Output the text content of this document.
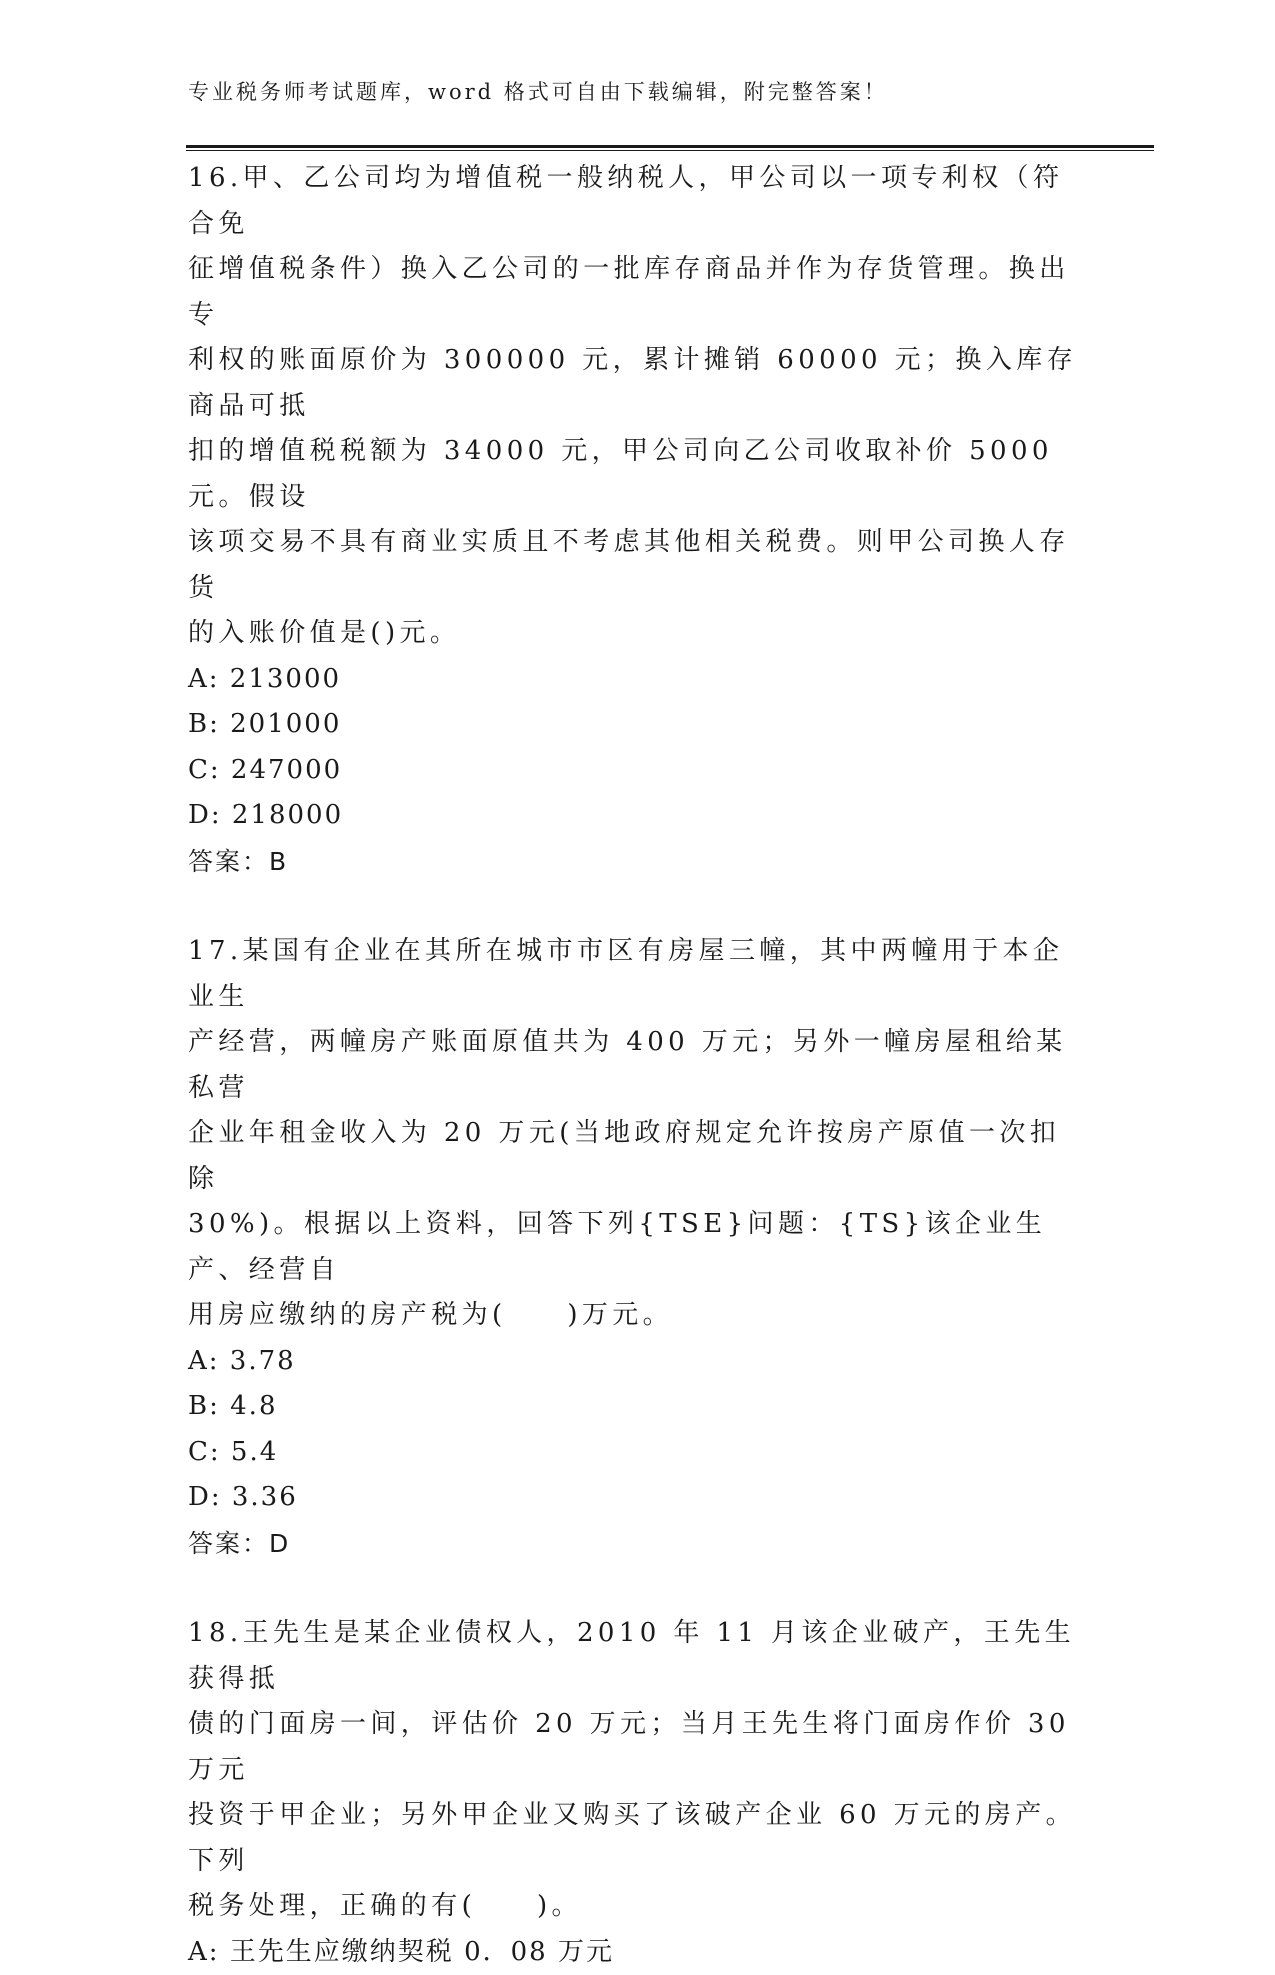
专业税务师考试题库，word 格式可自由下载编辑，附完整答案！

16.甲、乙公司均为增值税一般纳税人，甲公司以一项专利权（符合免
征增值税条件）换入乙公司的一批库存商品并作为存货管理。换出专
利权的账面原价为 300000 元，累计摊销 60000 元；换入库存商品可抵
扣的增值税税额为 34000 元，甲公司向乙公司收取补价 5000 元。假设
该项交易不具有商业实质且不考虑其他相关税费。则甲公司换人存货
的入账价值是()元。

A: 213000

B: 201000

C: 247000

D: 218000

答案：B

17.某国有企业在其所在城市市区有房屋三幢，其中两幢用于本企业生
产经营，两幢房产账面原值共为 400 万元；另外一幢房屋租给某私营
企业年租金收入为 20 万元(当地政府规定允许按房产原值一次扣除
30%)。根据以上资料，回答下列{TSE}问题：{TS}该企业生产、经营自
用房应缴纳的房产税为(　　)万元。

A: 3.78

B: 4.8

C: 5.4

D: 3.36

答案：D

18.王先生是某企业债权人，2010 年 11 月该企业破产，王先生获得抵
债的门面房一间，评估价 20 万元；当月王先生将门面房作价 30 万元
投资于甲企业；另外甲企业又购买了该破产企业 60 万元的房产。下列
税务处理，正确的有(　　)。

A: 王先生应缴纳契税 0．08 万元
